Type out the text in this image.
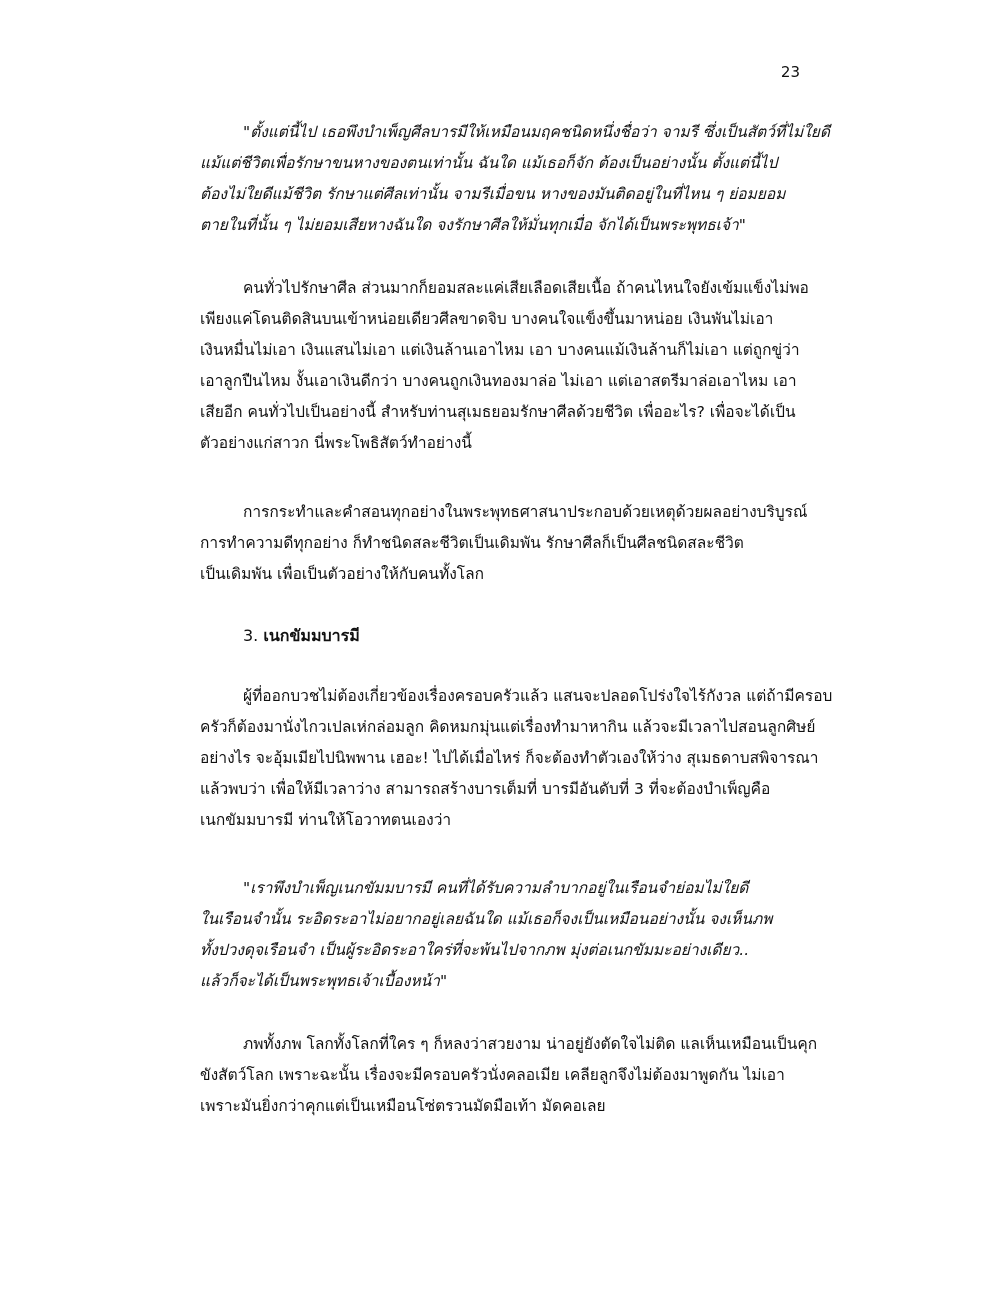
23
"ตั้งแต่นี้ไป เธอพึงบำเพ็ญศีลบารมีให้เหมือนมฤคชนิดหนึ่งชื่อว่า จามรี ซึ่งเป็นสัตว์ที่ไม่ใยดี
แม้แต่ชีวิตเพื่อรักษาขนหางของตนเท่านั้น ฉันใด แม้เธอก็จัก ต้องเป็นอย่างนั้น ตั้งแต่นี้ไป
ต้องไม่ใยดีแม้ชีวิต รักษาแต่ศีลเท่านั้น จามรีเมื่อขน หางของมันติดอยู่ในที่ไหน ๆ ย่อมยอม
ตายในที่นั้น ๆ ไม่ยอมเสียหางฉันใด จงรักษาศีลให้มั่นทุกเมื่อ จักได้เป็นพระพุทธเจ้า"
คนทั่วไปรักษาศีล ส่วนมากก็ยอมสละแค่เสียเลือดเสียเนื้อ ถ้าคนไหนใจยังเข้มแข็งไม่พอ
เพียงแค่โดนติดสินบนเข้าหน่อยเดียวศีลขาดจิบ บางคนใจแข็งขึ้นมาหน่อย เงินพันไม่เอา
เงินหมื่นไม่เอา เงินแสนไม่เอา แต่เงินล้านเอาไหม เอา บางคนแม้เงินล้านก็ไม่เอา แต่ถูกขู่ว่า
เอาลูกปืนไหม งั้นเอาเงินดีกว่า บางคนถูกเงินทองมาล่อ ไม่เอา แต่เอาสตรีมาล่อเอาไหม เอา
เสียอีก คนทั่วไปเป็นอย่างนี้ สำหรับท่านสุเมธยอมรักษาศีลด้วยชีวิต เพื่ออะไร? เพื่อจะได้เป็น
ตัวอย่างแก่สาวก นี่พระโพธิสัตว์ทำอย่างนี้
การกระทำและคำสอนทุกอย่างในพระพุทธศาสนาประกอบด้วยเหตุด้วยผลอย่างบริบูรณ์
การทำความดีทุกอย่าง ก็ทำชนิดสละชีวิตเป็นเดิมพัน รักษาศีลก็เป็นศีลชนิดสละชีวิต
เป็นเดิมพัน เพื่อเป็นตัวอย่างให้กับคนทั้งโลก
3. เนกขัมมบารมี
ผู้ที่ออกบวชไม่ต้องเกี่ยวข้องเรื่องครอบครัวแล้ว แสนจะปลอดโปร่งใจไร้กังวล แต่ถ้ามีครอบ
ครัวก็ต้องมานั่งไกวเปลเห่กล่อมลูก คิดหมกมุ่นแต่เรื่องทำมาหากิน แล้วจะมีเวลาไปสอนลูกศิษย์
อย่างไร จะอุ้มเมียไปนิพพาน เฮอะ! ไปได้เมื่อไหร่ ก็จะต้องทำตัวเองให้ว่าง สุเมธดาบสพิจารณา
แล้วพบว่า เพื่อให้มีเวลาว่าง สามารถสร้างบารเต็มที่ บารมีอันดับที่ 3 ที่จะต้องบำเพ็ญคือ
เนกขัมมบารมี ท่านให้โอวาทตนเองว่า
"เราพึงบำเพ็ญเนกขัมมบารมี คนที่ได้รับความลำบากอยู่ในเรือนจำย่อมไม่ใยดี
ในเรือนจำนั้น ระอิดระอาไม่อยากอยู่เลยฉันใด แม้เธอก็จงเป็นเหมือนอย่างนั้น จงเห็นภพ
ทั้งปวงดุจเรือนจำ เป็นผู้ระอิดระอาใคร่ที่จะพ้นไปจากภพ มุ่งต่อเนกขัมมะอย่างเดียว..
แล้วก็จะได้เป็นพระพุทธเจ้าเบื้องหน้า"
ภพทั้งภพ โลกทั้งโลกที่ใคร ๆ ก็หลงว่าสวยงาม น่าอยู่ยังตัดใจไม่ติด แลเห็นเหมือนเป็นคุก
ขังสัตว์โลก เพราะฉะนั้น เรื่องจะมีครอบครัวนั่งคลอเมีย เคลียลูกจึงไม่ต้องมาพูดกัน ไม่เอา
เพราะมันยิ่งกว่าคุกแต่เป็นเหมือนโซ่ตรวนมัดมือเท้า มัดคอเลย
